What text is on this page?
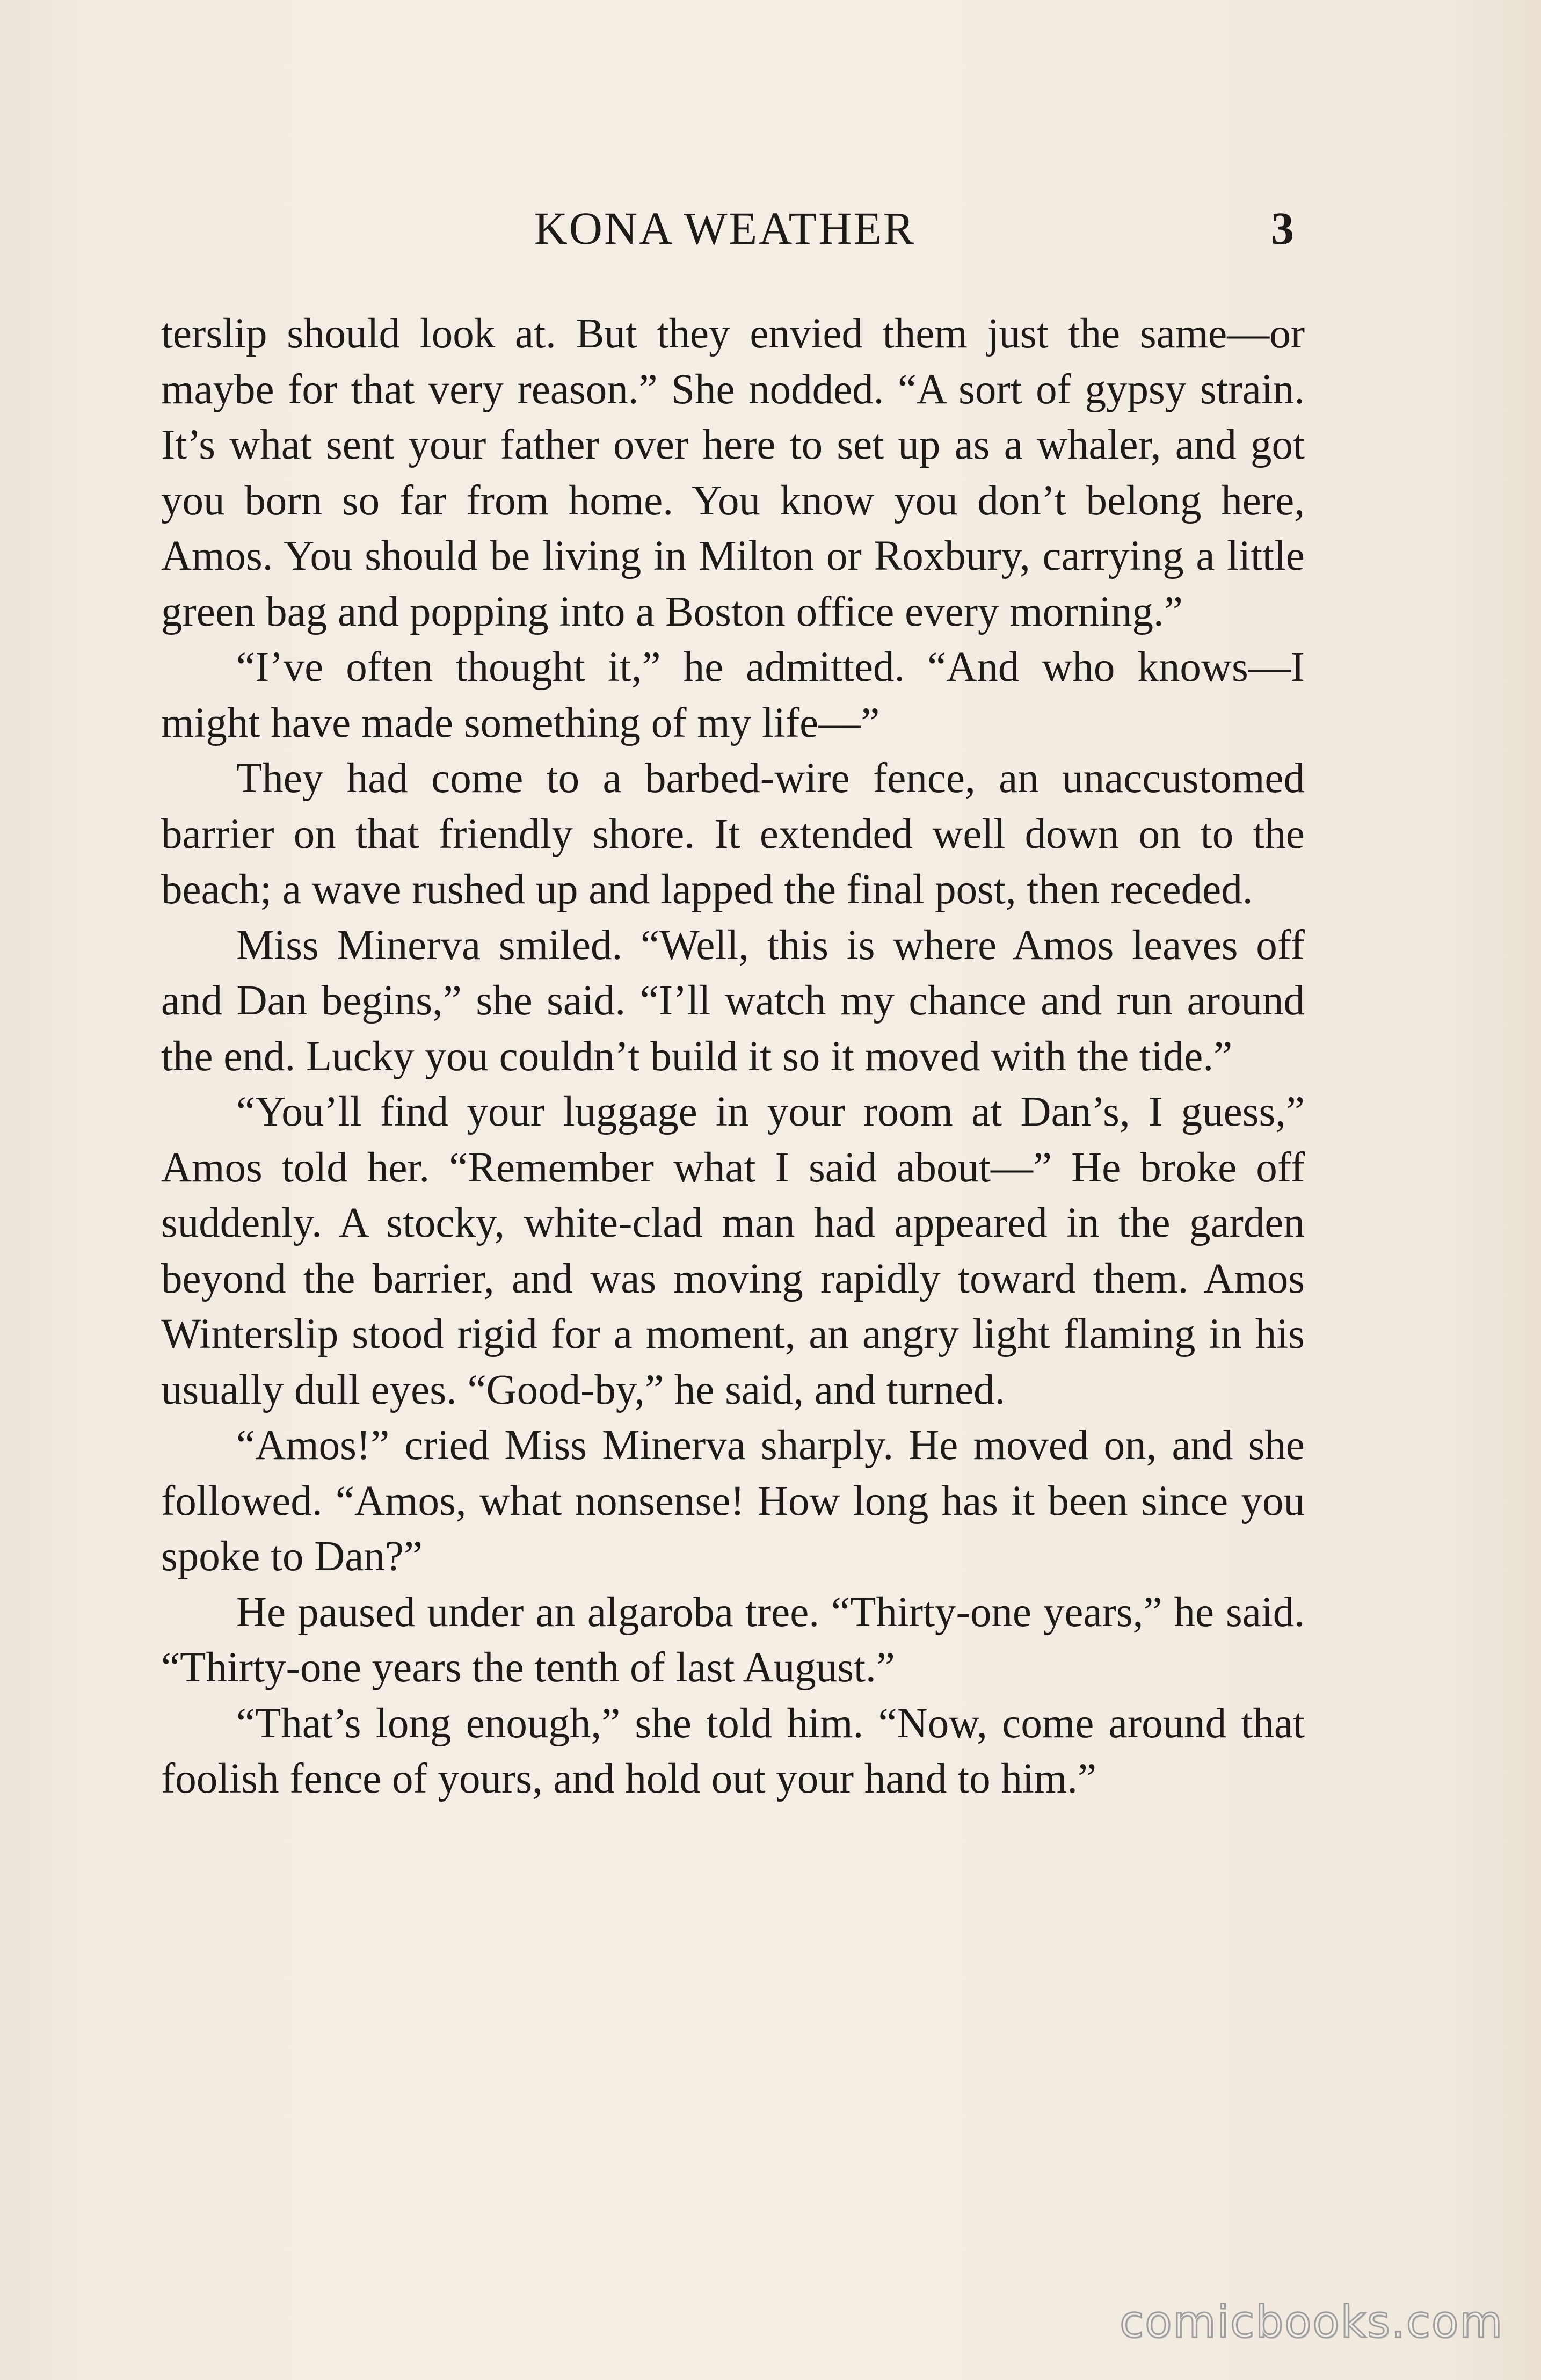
KONA WEATHER	3

terslip should look at. But they envied them just the same—or maybe for that very reason.” She nodded. “A sort of gypsy strain. It’s what sent your father over here to set up as a whaler, and got you born so far from home. You know you don’t belong here, Amos. You should be living in Milton or Roxbury, carrying a little green bag and popping into a Boston office every morning.”

“I’ve often thought it,” he admitted. “And who knows—I might have made something of my life—”

They had come to a barbed-wire fence, an unaccustomed barrier on that friendly shore. It extended well down on to the beach; a wave rushed up and lapped the final post, then receded.

Miss Minerva smiled. “Well, this is where Amos leaves off and Dan begins,” she said. “I’ll watch my chance and run around the end. Lucky you couldn’t build it so it moved with the tide.”

“You’ll find your luggage in your room at Dan’s, I guess,” Amos told her. “Remember what I said about—” He broke off suddenly. A stocky, white-clad man had appeared in the garden beyond the barrier, and was moving rapidly toward them. Amos Winterslip stood rigid for a moment, an angry light flaming in his usually dull eyes. “Good-by,” he said, and turned.

“Amos!” cried Miss Minerva sharply. He moved on, and she followed. “Amos, what nonsense! How long has it been since you spoke to Dan?”

He paused under an algaroba tree. “Thirty-one years,” he said. “Thirty-one years the tenth of last August.”

“That’s long enough,” she told him. “Now, come around that foolish fence of yours, and hold out your hand to him.”

comicbooks.com
